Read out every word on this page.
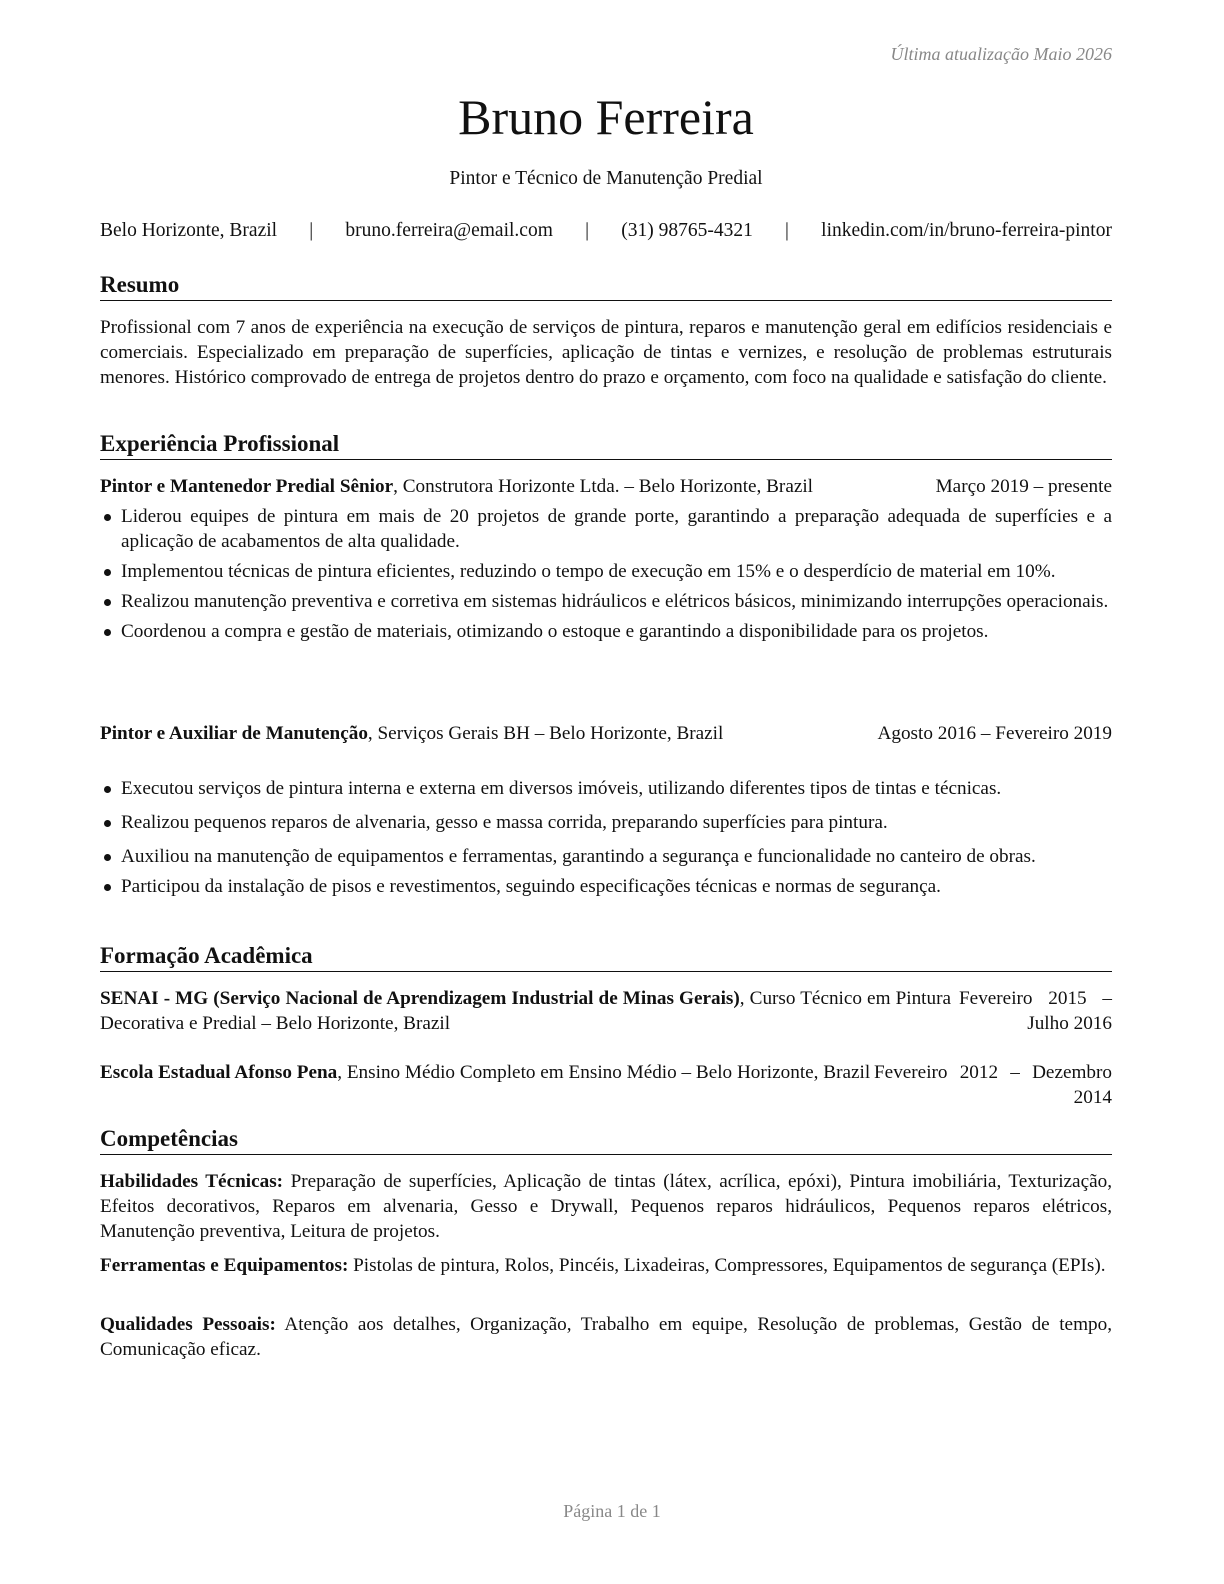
Última atualização Maio 2026
Bruno Ferreira
Pintor e Técnico de Manutenção Predial
Belo Horizonte, Brazil | bruno.ferreira@email.com | (31) 98765-4321 | linkedin.com/in/bruno-ferreira-pintor
Resumo
Profissional com 7 anos de experiência na execução de serviços de pintura, reparos e manutenção geral em edifícios residenciais e comerciais. Especializado em preparação de superfícies, aplicação de tintas e vernizes, e resolução de problemas estruturais menores. Histórico comprovado de entrega de projetos dentro do prazo e orçamento, com foco na qualidade e satisfação do cliente.
Experiência Profissional
Pintor e Mantenedor Predial Sênior, Construtora Horizonte Ltda. – Belo Horizonte, Brazil	Março 2019 – presente
Liderou equipes de pintura em mais de 20 projetos de grande porte, garantindo a preparação adequada de superfícies e a aplicação de acabamentos de alta qualidade.
Implementou técnicas de pintura eficientes, reduzindo o tempo de execução em 15% e o desperdício de material em 10%.
Realizou manutenção preventiva e corretiva em sistemas hidráulicos e elétricos básicos, minimizando interrupções operacionais.
Coordenou a compra e gestão de materiais, otimizando o estoque e garantindo a disponibilidade para os projetos.
Pintor e Auxiliar de Manutenção, Serviços Gerais BH – Belo Horizonte, Brazil	Agosto 2016 – Fevereiro 2019
Executou serviços de pintura interna e externa em diversos imóveis, utilizando diferentes tipos de tintas e técnicas.
Realizou pequenos reparos de alvenaria, gesso e massa corrida, preparando superfícies para pintura.
Auxiliou na manutenção de equipamentos e ferramentas, garantindo a segurança e funcionalidade no canteiro de obras.
Participou da instalação de pisos e revestimentos, seguindo especificações técnicas e normas de segurança.
Formação Acadêmica
SENAI - MG (Serviço Nacional de Aprendizagem Industrial de Minas Gerais), Curso Técnico em Pintura Decorativa e Predial – Belo Horizonte, Brazil
Fevereiro 2015 – Julho 2016
Escola Estadual Afonso Pena, Ensino Médio Completo em Ensino Médio – Belo Horizonte, Brazil Fevereiro 2012 – Dezembro 2014
Competências
Habilidades Técnicas: Preparação de superfícies, Aplicação de tintas (látex, acrílica, epóxi), Pintura imobiliária, Texturização, Efeitos decorativos, Reparos em alvenaria, Gesso e Drywall, Pequenos reparos hidráulicos, Pequenos reparos elétricos, Manutenção preventiva, Leitura de projetos.
Ferramentas e Equipamentos: Pistolas de pintura, Rolos, Pincéis, Lixadeiras, Compressores, Equipamentos de segurança (EPIs).
Qualidades Pessoais: Atenção aos detalhes, Organização, Trabalho em equipe, Resolução de problemas, Gestão de tempo, Comunicação eficaz.
Página 1 de 1
